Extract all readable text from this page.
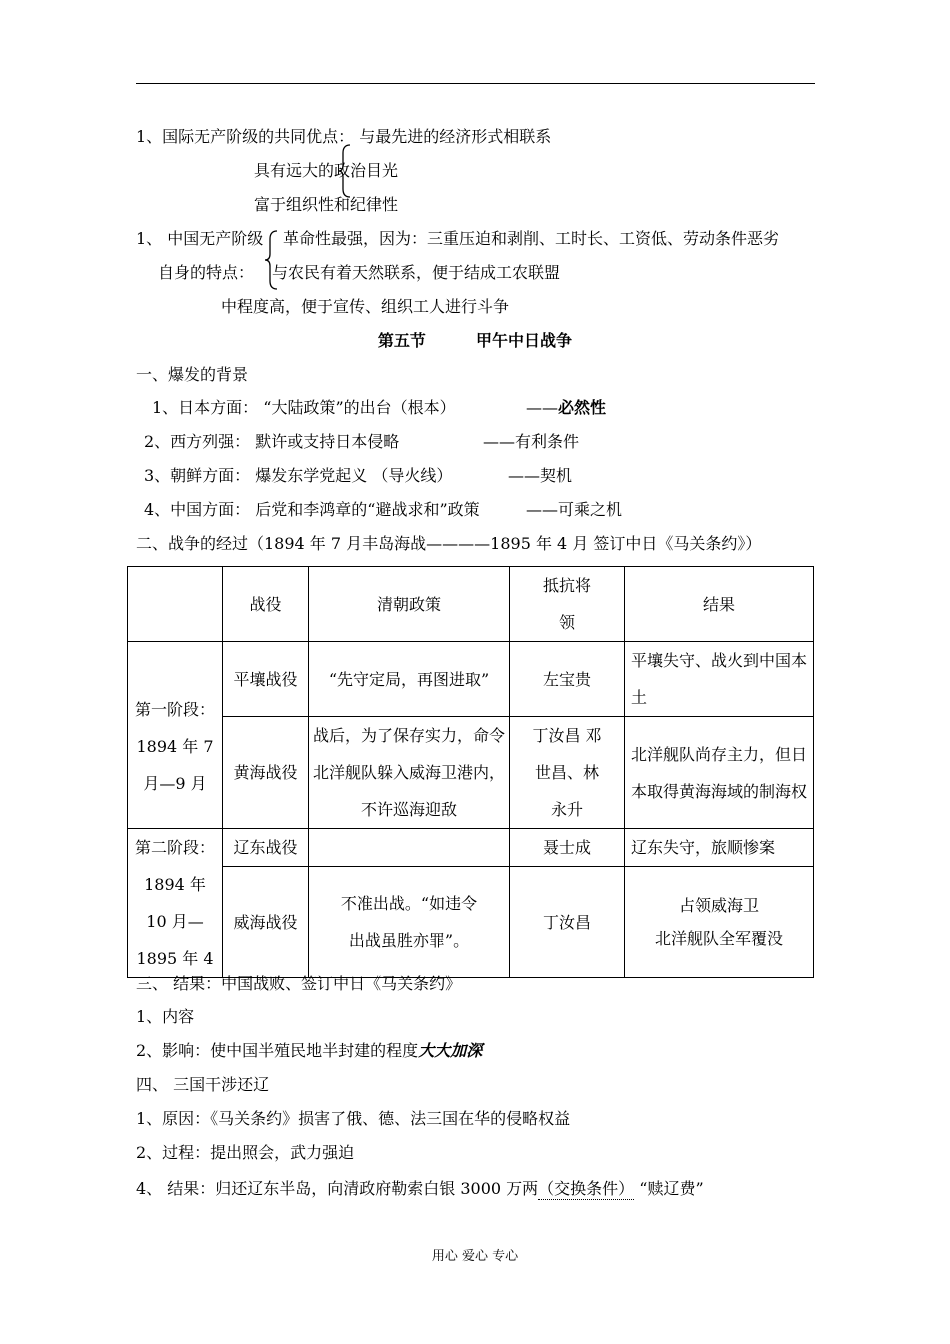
1、国际无产阶级的共同优点： 与最先进的经济形式相联系
具有远大的政治目光
富于组织性和纪律性
1、 中国无产阶级 革命性最强，因为：三重压迫和剥削、工时长、工资低、劳动条件恶劣
自身的特点： 与农民有着天然联系，便于结成工农联盟
中程度高，便于宣传、组织工人进行斗争
第五节         甲午中日战争
一、爆发的背景
1、日本方面： “大陆政策”的出台（根本）	——必然性
2、西方列强： 默许或支持日本侵略	——有利条件
3、朝鲜方面： 爆发东学党起义 （导火线）	——契机
4、中国方面： 后党和李鸿章的“避战求和”政策	——可乘之机
二、战争的经过（1894 年 7 月丰岛海战————1895 年 4 月 签订中日《马关条约》）
	战役	清朝政策	抵抗将领	结果
第一阶段：1894 年 7 月—9 月	平壤战役	“先守定局，再图进取”	左宝贵	平壤失守、战火到中国本土
	黄海战役	战后，为了保存实力，命令北洋舰队躲入威海卫港内，不许巡海迎敌	丁汝昌 邓世昌、林永升	北洋舰队尚存主力，但日本取得黄海海域的制海权
第二阶段：1894 年 10 月—1895 年 4	辽东战役		聂士成	辽东失守，旅顺惨案
	威海战役	不准出战。“如违令出战虽胜亦罪”。	丁汝昌	占领威海卫
北洋舰队全军覆没
三、 结果：中国战败、签订中日《马关条约》
1、内容
2、影响：使中国半殖民地半封建的程度大大加深
四、 三国干涉还辽
1、原因：《马关条约》损害了俄、德、法三国在华的侵略权益
2、过程：提出照会，武力强迫
4、 结果：归还辽东半岛，向清政府勒索白银 3000 万两（交换条件） “赎辽费”
用心 爱心 专心
